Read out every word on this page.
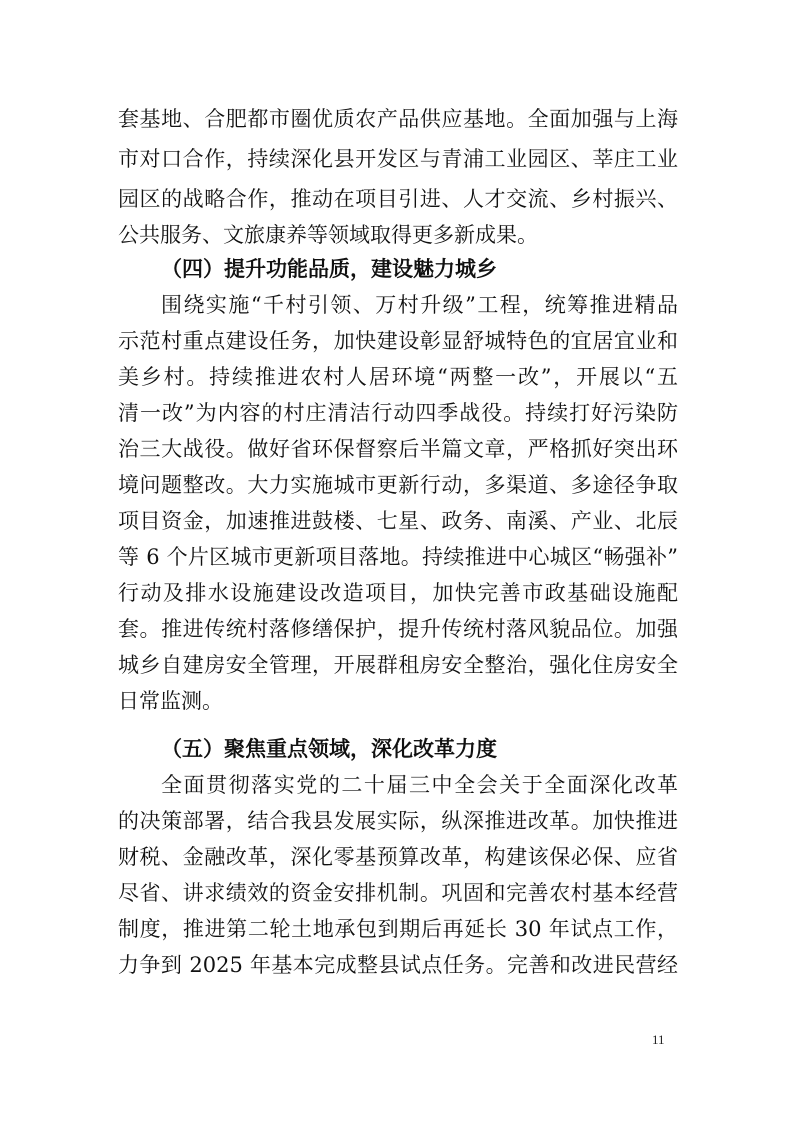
套基地、合肥都市圈优质农产品供应基地。全面加强与上海
市对口合作，持续深化县开发区与青浦工业园区、莘庄工业
园区的战略合作，推动在项目引进、人才交流、乡村振兴、
公共服务、文旅康养等领域取得更多新成果。
（四）提升功能品质，建设魅力城乡
围绕实施“千村引领、万村升级”工程，统筹推进精品
示范村重点建设任务，加快建设彰显舒城特色的宜居宜业和
美乡村。持续推进农村人居环境“两整一改”，开展以“五
清一改”为内容的村庄清洁行动四季战役。持续打好污染防
治三大战役。做好省环保督察后半篇文章，严格抓好突出环
境问题整改。大力实施城市更新行动，多渠道、多途径争取
项目资金，加速推进鼓楼、七星、政务、南溪、产业、北辰
等 6 个片区城市更新项目落地。持续推进中心城区“畅强补”
行动及排水设施建设改造项目，加快完善市政基础设施配
套。推进传统村落修缮保护，提升传统村落风貌品位。加强
城乡自建房安全管理，开展群租房安全整治，强化住房安全
日常监测。
（五）聚焦重点领域，深化改革力度
全面贯彻落实党的二十届三中全会关于全面深化改革
的决策部署，结合我县发展实际，纵深推进改革。加快推进
财税、金融改革，深化零基预算改革，构建该保必保、应省
尽省、讲求绩效的资金安排机制。巩固和完善农村基本经营
制度，推进第二轮土地承包到期后再延长 30 年试点工作，
力争到 2025 年基本完成整县试点任务。完善和改进民营经
11
